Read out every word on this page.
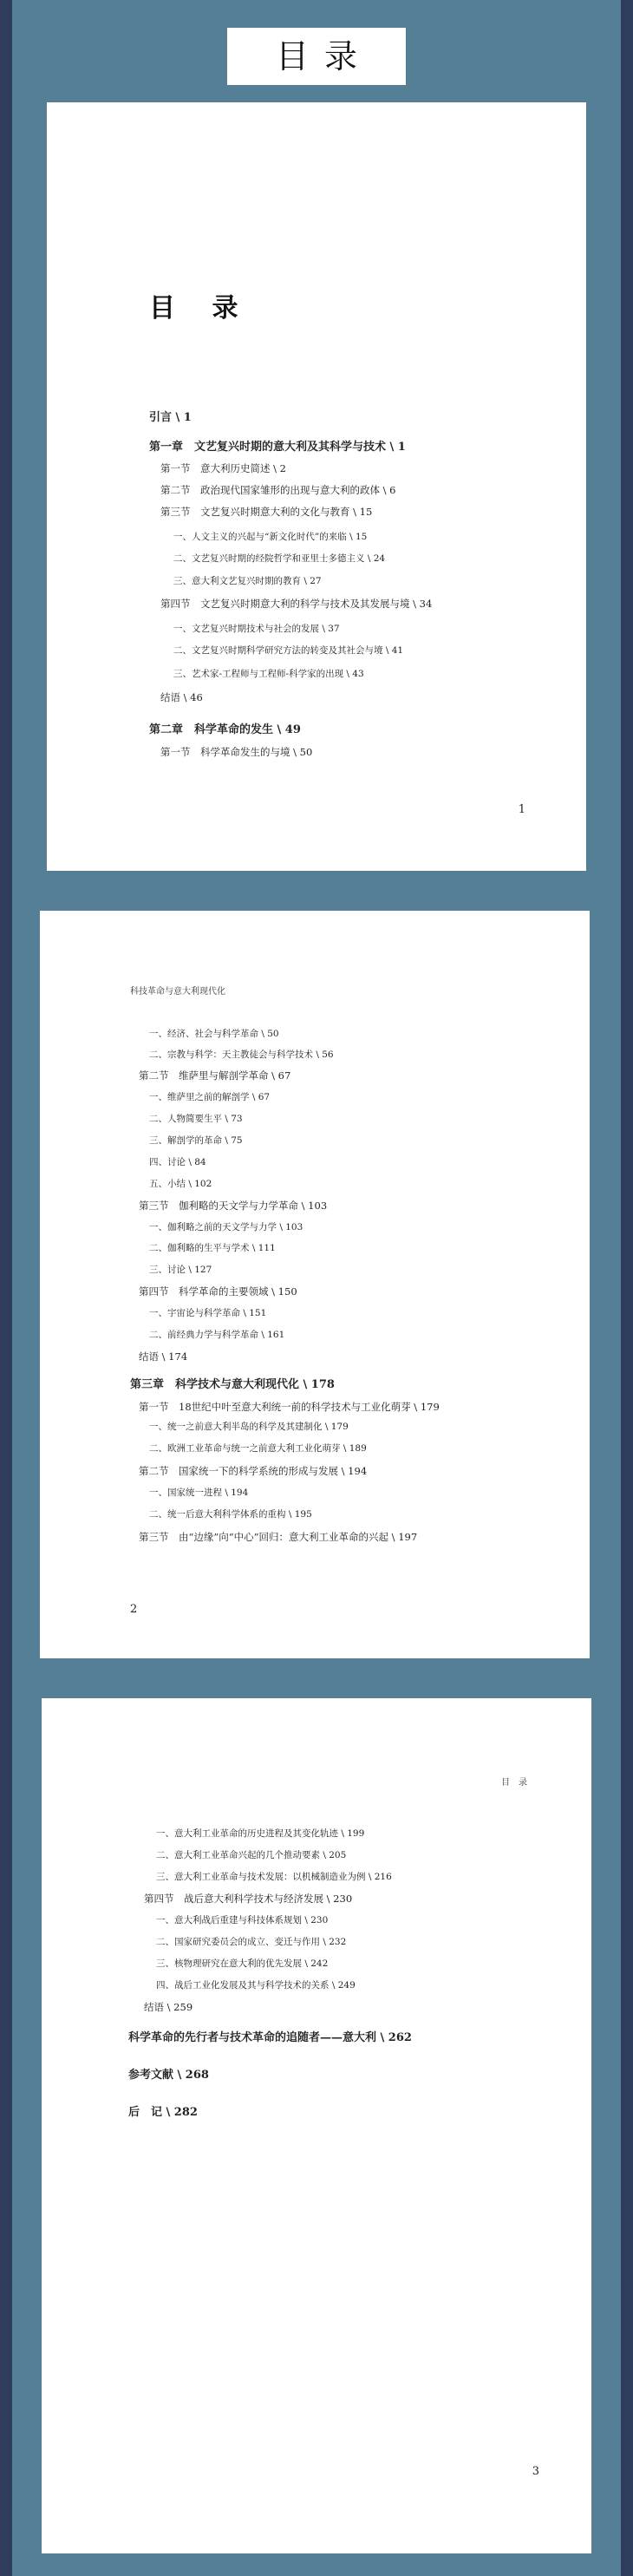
目录
目 录
1
引言 \ 1
第一章　文艺复兴时期的意大利及其科学与技术 \ 1
第一节　意大利历史简述 \ 2
第二节　政治现代国家雏形的出现与意大利的政体 \ 6
第三节　文艺复兴时期意大利的文化与教育 \ 15
一、人文主义的兴起与“新文化时代”的来临 \ 15
二、文艺复兴时期的经院哲学和亚里士多德主义 \ 24
三、意大利文艺复兴时期的教育 \ 27
第四节　文艺复兴时期意大利的科学与技术及其发展与境 \ 34
一、文艺复兴时期技术与社会的发展 \ 37
二、文艺复兴时期科学研究方法的转变及其社会与境 \ 41
三、艺术家-工程师与工程师-科学家的出现 \ 43
结语 \ 46
第二章　科学革命的发生 \ 49
第一节　科学革命发生的与境 \ 50
科技革命与意大利现代化
2
一、经济、社会与科学革命 \ 50
二、宗教与科学：天主教徒会与科学技术 \ 56
第二节　维萨里与解剖学革命 \ 67
一、维萨里之前的解剖学 \ 67
二、人物简要生平 \ 73
三、解剖学的革命 \ 75
四、讨论 \ 84
五、小结 \ 102
第三节　伽利略的天文学与力学革命 \ 103
一、伽利略之前的天文学与力学 \ 103
二、伽利略的生平与学术 \ 111
三、讨论 \ 127
第四节　科学革命的主要领域 \ 150
一、宇宙论与科学革命 \ 151
二、前经典力学与科学革命 \ 161
结语 \ 174
第三章　科学技术与意大利现代化 \ 178
第一节　18世纪中叶至意大利统一前的科学技术与工业化萌芽 \ 179
一、统一之前意大利半岛的科学及其建制化 \ 179
二、欧洲工业革命与统一之前意大利工业化萌芽 \ 189
第二节　国家统一下的科学系统的形成与发展 \ 194
一、国家统一进程 \ 194
二、统一后意大利科学体系的重构 \ 195
第三节　由“边缘”向“中心”回归：意大利工业革命的兴起 \ 197
目　录
3
一、意大利工业革命的历史进程及其变化轨迹 \ 199
二、意大利工业革命兴起的几个推动要素 \ 205
三、意大利工业革命与技术发展：以机械制造业为例 \ 216
第四节　战后意大利科学技术与经济发展 \ 230
一、意大利战后重建与科技体系规划 \ 230
二、国家研究委员会的成立、变迁与作用 \ 232
三、核物理研究在意大利的优先发展 \ 242
四、战后工业化发展及其与科学技术的关系 \ 249
结语 \ 259
科学革命的先行者与技术革命的追随者——意大利 \ 262
参考文献 \ 268
后　记 \ 282
